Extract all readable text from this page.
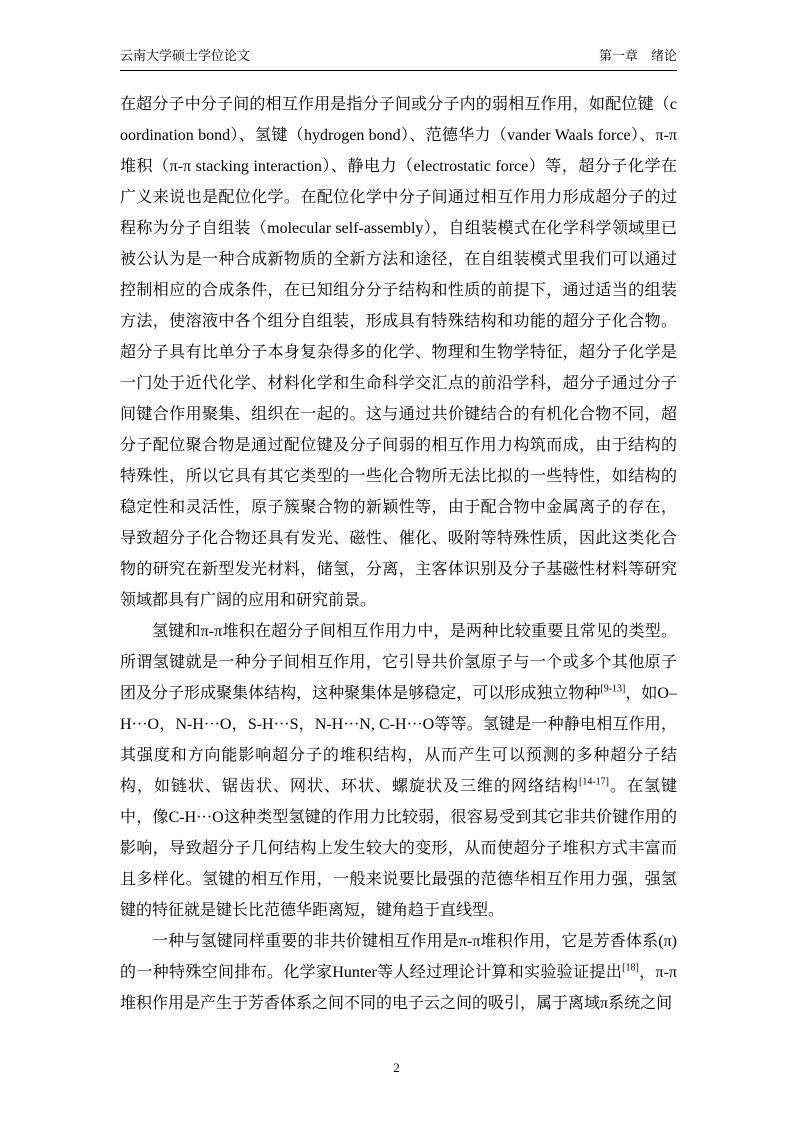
云南大学硕士学位论文	第一章　绪论

在超分子中分子间的相互作用是指分子间或分子内的弱相互作用，如配位键（coordination bond）、氢键（hydrogen bond）、范德华力（vander Waals force）、π-π堆积（π-π stacking interaction）、静电力（electrostatic force）等，超分子化学在广义来说也是配位化学。在配位化学中分子间通过相互作用力形成超分子的过程称为分子自组装（molecular self-assembly），自组装模式在化学科学领域里已被公认为是一种合成新物质的全新方法和途径，在自组装模式里我们可以通过控制相应的合成条件，在已知组分分子结构和性质的前提下，通过适当的组装方法，使溶液中各个组分自组装，形成具有特殊结构和功能的超分子化合物。超分子具有比单分子本身复杂得多的化学、物理和生物学特征，超分子化学是一门处于近代化学、材料化学和生命科学交汇点的前沿学科，超分子通过分子间键合作用聚集、组织在一起的。这与通过共价键结合的有机化合物不同，超分子配位聚合物是通过配位键及分子间弱的相互作用力构筑而成，由于结构的特殊性，所以它具有其它类型的一些化合物所无法比拟的一些特性，如结构的稳定性和灵活性，原子簇聚合物的新颖性等，由于配合物中金属离子的存在，导致超分子化合物还具有发光、磁性、催化、吸附等特殊性质，因此这类化合物的研究在新型发光材料，储氢，分离，主客体识别及分子基磁性材料等研究领域都具有广阔的应用和研究前景。

氢键和π-π堆积在超分子间相互作用力中，是两种比较重要且常见的类型。所谓氢键就是一种分子间相互作用，它引导共价氢原子与一个或多个其他原子团及分子形成聚集体结构，这种聚集体是够稳定，可以形成独立物种[9-13]，如O–H···O，N-H···O，S-H···S，N-H···N, C-H···O等等。氢键是一种静电相互作用，其强度和方向能影响超分子的堆积结构，从而产生可以预测的多种超分子结构，如链状、锯齿状、网状、环状、螺旋状及三维的网络结构[14-17]。在氢键中，像C-H···O这种类型氢键的作用力比较弱，很容易受到其它非共价键作用的影响，导致超分子几何结构上发生较大的变形，从而使超分子堆积方式丰富而且多样化。氢键的相互作用，一般来说要比最强的范德华相互作用力强，强氢键的特征就是键长比范德华距离短，键角趋于直线型。

一种与氢键同样重要的非共价键相互作用是π-π堆积作用，它是芳香体系(π)的一种特殊空间排布。化学家Hunter等人经过理论计算和实验验证提出[18]，π-π堆积作用是产生于芳香体系之间不同的电子云之间的吸引，属于离域π系统之间

2
